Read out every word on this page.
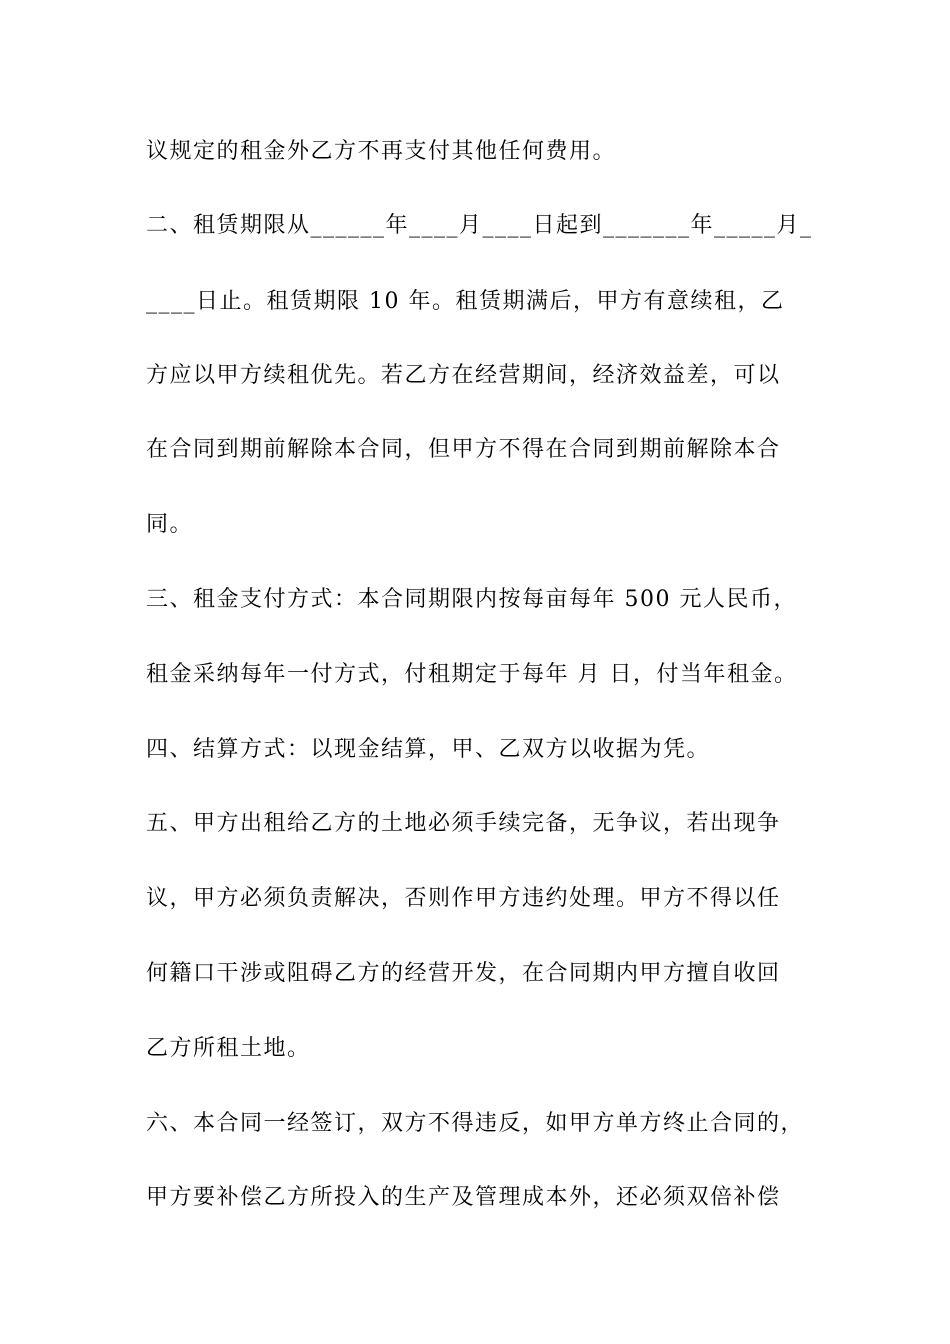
议规定的租金外乙方不再支付其他任何费用。
二、租赁期限从______年____月____日起到_______年_____月_
____日止。租赁期限 10 年。租赁期满后，甲方有意续租，乙
方应以甲方续租优先。若乙方在经营期间，经济效益差，可以
在合同到期前解除本合同，但甲方不得在合同到期前解除本合
同。
三、租金支付方式：本合同期限内按每亩每年 500 元人民币，
租金采纳每年一付方式，付租期定于每年 月 日，付当年租金。
四、结算方式：以现金结算，甲、乙双方以收据为凭。
五、甲方出租给乙方的土地必须手续完备，无争议，若出现争
议，甲方必须负责解决，否则作甲方违约处理。甲方不得以任
何籍口干涉或阻碍乙方的经营开发，在合同期内甲方擅自收回
乙方所租土地。
六、本合同一经签订，双方不得违反，如甲方单方终止合同的，
甲方要补偿乙方所投入的生产及管理成本外，还必须双倍补偿
